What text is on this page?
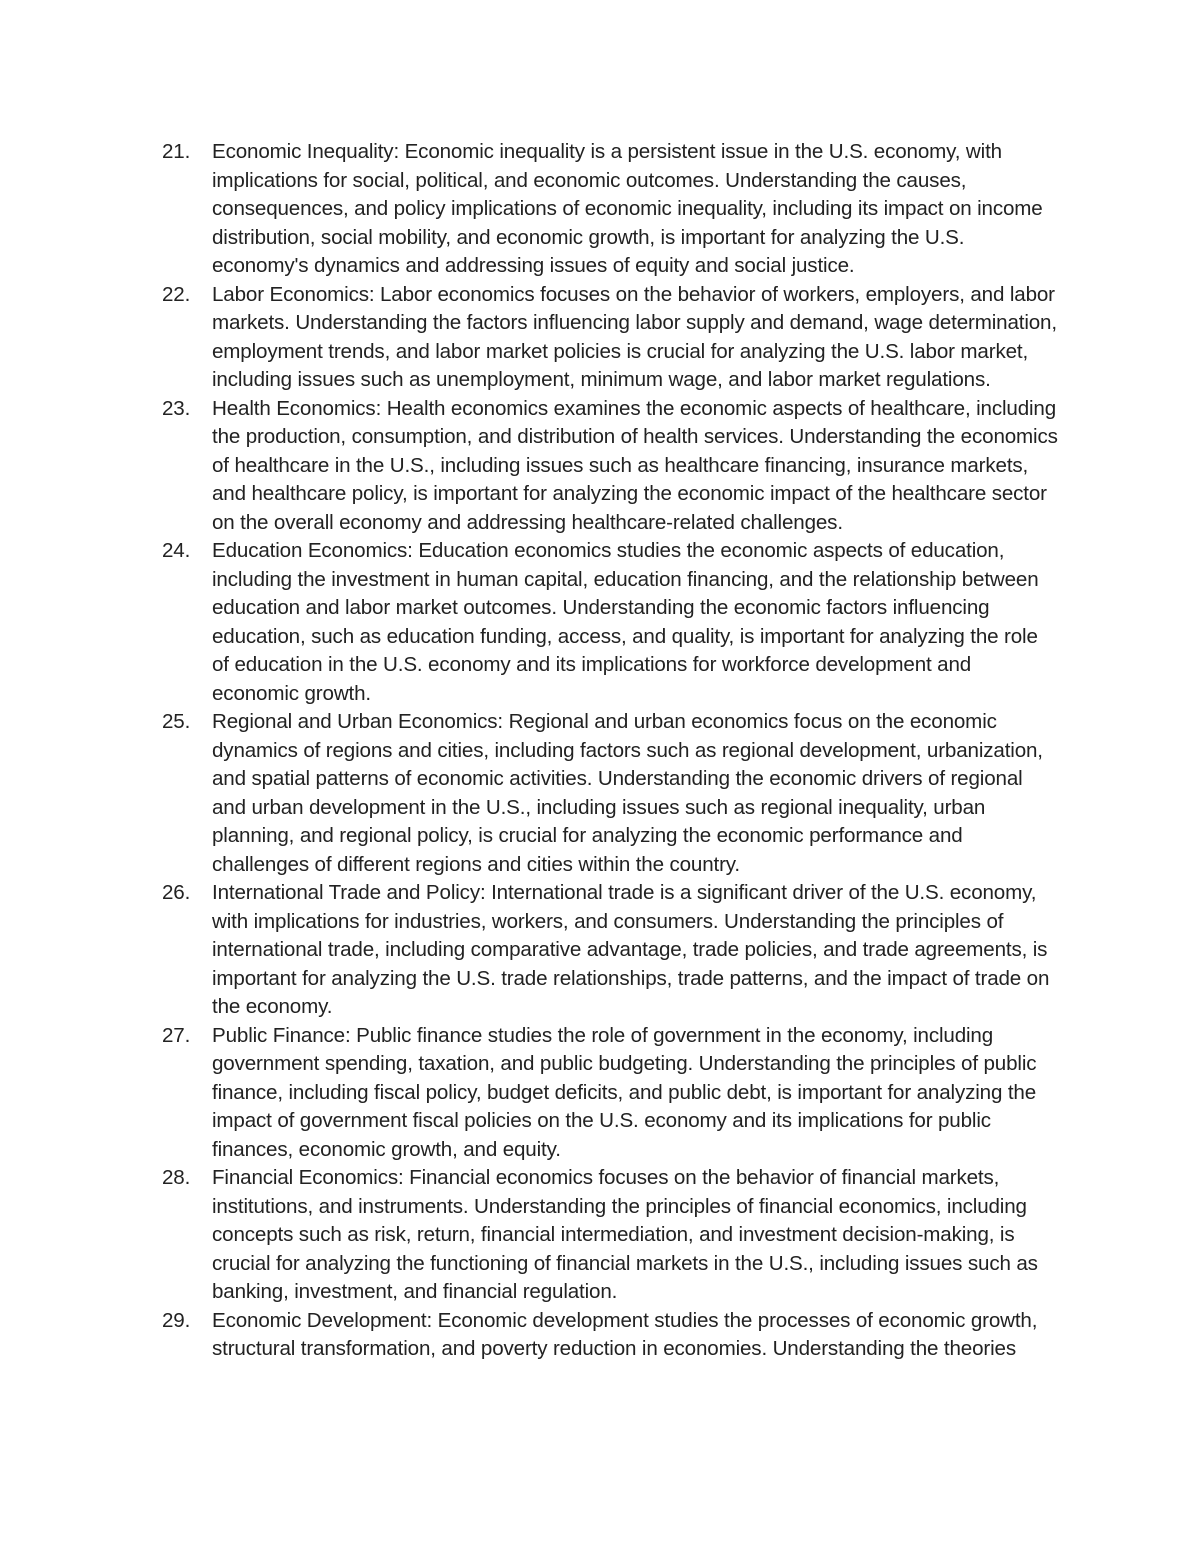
21.	Economic Inequality: Economic inequality is a persistent issue in the U.S. economy, with implications for social, political, and economic outcomes. Understanding the causes, consequences, and policy implications of economic inequality, including its impact on income distribution, social mobility, and economic growth, is important for analyzing the U.S. economy's dynamics and addressing issues of equity and social justice.
22.	Labor Economics: Labor economics focuses on the behavior of workers, employers, and labor markets. Understanding the factors influencing labor supply and demand, wage determination, employment trends, and labor market policies is crucial for analyzing the U.S. labor market, including issues such as unemployment, minimum wage, and labor market regulations.
23.	Health Economics: Health economics examines the economic aspects of healthcare, including the production, consumption, and distribution of health services. Understanding the economics of healthcare in the U.S., including issues such as healthcare financing, insurance markets, and healthcare policy, is important for analyzing the economic impact of the healthcare sector on the overall economy and addressing healthcare-related challenges.
24.	Education Economics: Education economics studies the economic aspects of education, including the investment in human capital, education financing, and the relationship between education and labor market outcomes. Understanding the economic factors influencing education, such as education funding, access, and quality, is important for analyzing the role of education in the U.S. economy and its implications for workforce development and economic growth.
25.	Regional and Urban Economics: Regional and urban economics focus on the economic dynamics of regions and cities, including factors such as regional development, urbanization, and spatial patterns of economic activities. Understanding the economic drivers of regional and urban development in the U.S., including issues such as regional inequality, urban planning, and regional policy, is crucial for analyzing the economic performance and challenges of different regions and cities within the country.
26.	International Trade and Policy: International trade is a significant driver of the U.S. economy, with implications for industries, workers, and consumers. Understanding the principles of international trade, including comparative advantage, trade policies, and trade agreements, is important for analyzing the U.S. trade relationships, trade patterns, and the impact of trade on the economy.
27.	Public Finance: Public finance studies the role of government in the economy, including government spending, taxation, and public budgeting. Understanding the principles of public finance, including fiscal policy, budget deficits, and public debt, is important for analyzing the impact of government fiscal policies on the U.S. economy and its implications for public finances, economic growth, and equity.
28.	Financial Economics: Financial economics focuses on the behavior of financial markets, institutions, and instruments. Understanding the principles of financial economics, including concepts such as risk, return, financial intermediation, and investment decision-making, is crucial for analyzing the functioning of financial markets in the U.S., including issues such as banking, investment, and financial regulation.
29.	Economic Development: Economic development studies the processes of economic growth, structural transformation, and poverty reduction in economies. Understanding the theories
